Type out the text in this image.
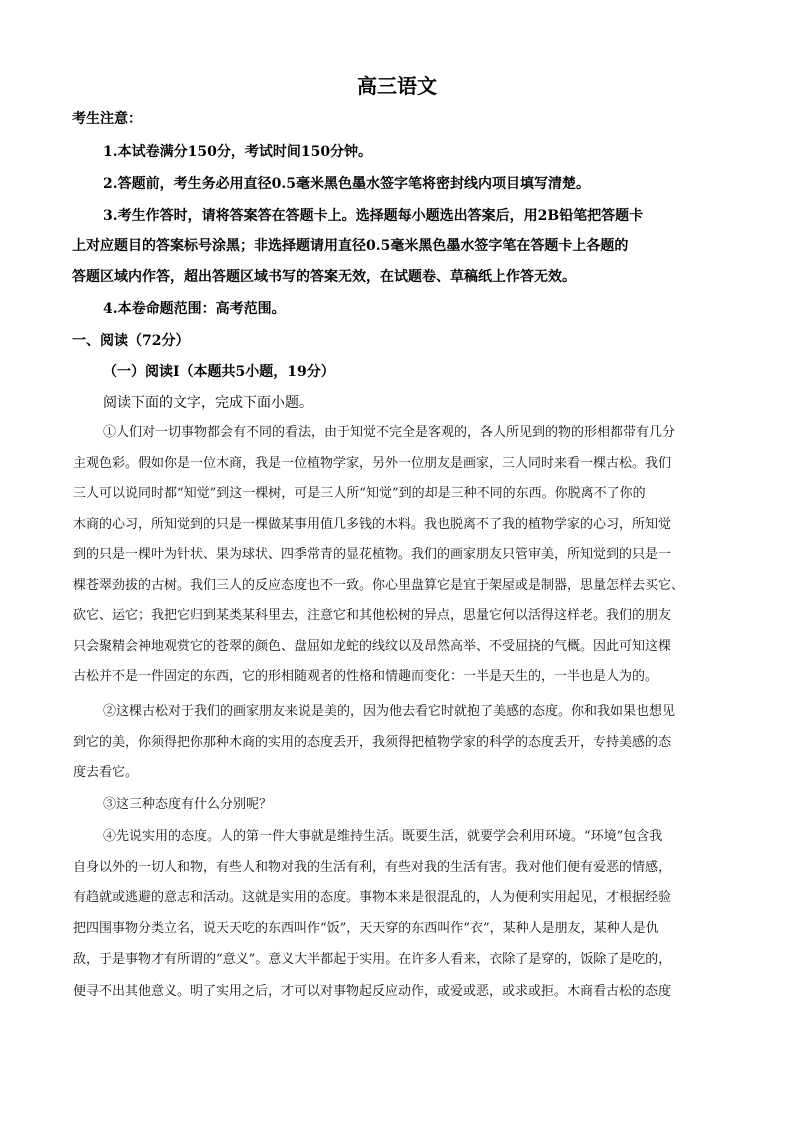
高三语文
考生注意：
1.本试卷满分150分，考试时间150分钟。
2.答题前，考生务必用直径0.5毫米黑色墨水签字笔将密封线内项目填写清楚。
3.考生作答时，请将答案答在答题卡上。选择题每小题选出答案后，用2B铅笔把答题卡
上对应题目的答案标号涂黑；非选择题请用直径0.5毫米黑色墨水签字笔在答题卡上各题的
答题区域内作答，超出答题区域书写的答案无效，在试题卷、草稿纸上作答无效。
4.本卷命题范围：高考范围。
一、阅读（72分）
（一）阅读Ⅰ（本题共5小题，19分）
阅读下面的文字，完成下面小题。
①人们对一切事物都会有不同的看法，由于知觉不完全是客观的，各人所见到的物的形相都带有几分
主观色彩。假如你是一位木商，我是一位植物学家，另外一位朋友是画家，三人同时来看一棵古松。我们
三人可以说同时都“知觉”到这一棵树，可是三人所“知觉”到的却是三种不同的东西。你脱离不了你的
木商的心习，所知觉到的只是一棵做某事用值几多钱的木料。我也脱离不了我的植物学家的心习，所知觉
到的只是一棵叶为针状、果为球状、四季常青的显花植物。我们的画家朋友只管审美，所知觉到的只是一
棵苍翠劲拔的古树。我们三人的反应态度也不一致。你心里盘算它是宜于架屋或是制器，思量怎样去买它、
砍它、运它；我把它归到某类某科里去，注意它和其他松树的异点，思量它何以活得这样老。我们的朋友
只会聚精会神地观赏它的苍翠的颜色、盘屈如龙蛇的线纹以及昂然高举、不受屈挠的气概。因此可知这棵
古松并不是一件固定的东西，它的形相随观者的性格和情趣而变化：一半是天生的，一半也是人为的。
②这棵古松对于我们的画家朋友来说是美的，因为他去看它时就抱了美感的态度。你和我如果也想见
到它的美，你须得把你那种木商的实用的态度丢开，我须得把植物学家的科学的态度丢开，专持美感的态
度去看它。
③这三种态度有什么分别呢？
④先说实用的态度。人的第一件大事就是维持生活。既要生活，就要学会利用环境。“环境”包含我
自身以外的一切人和物，有些人和物对我的生活有利，有些对我的生活有害。我对他们便有爱恶的情感，
有趋就或逃避的意志和活动。这就是实用的态度。事物本来是很混乱的，人为便利实用起见，才根据经验
把四围事物分类立名，说天天吃的东西叫作“饭”，天天穿的东西叫作“衣”，某种人是朋友，某种人是仇
敌，于是事物才有所谓的“意义”。意义大半都起于实用。在许多人看来，衣除了是穿的，饭除了是吃的，
便寻不出其他意义。明了实用之后，才可以对事物起反应动作，或爱或恶，或求或拒。木商看古松的态度
